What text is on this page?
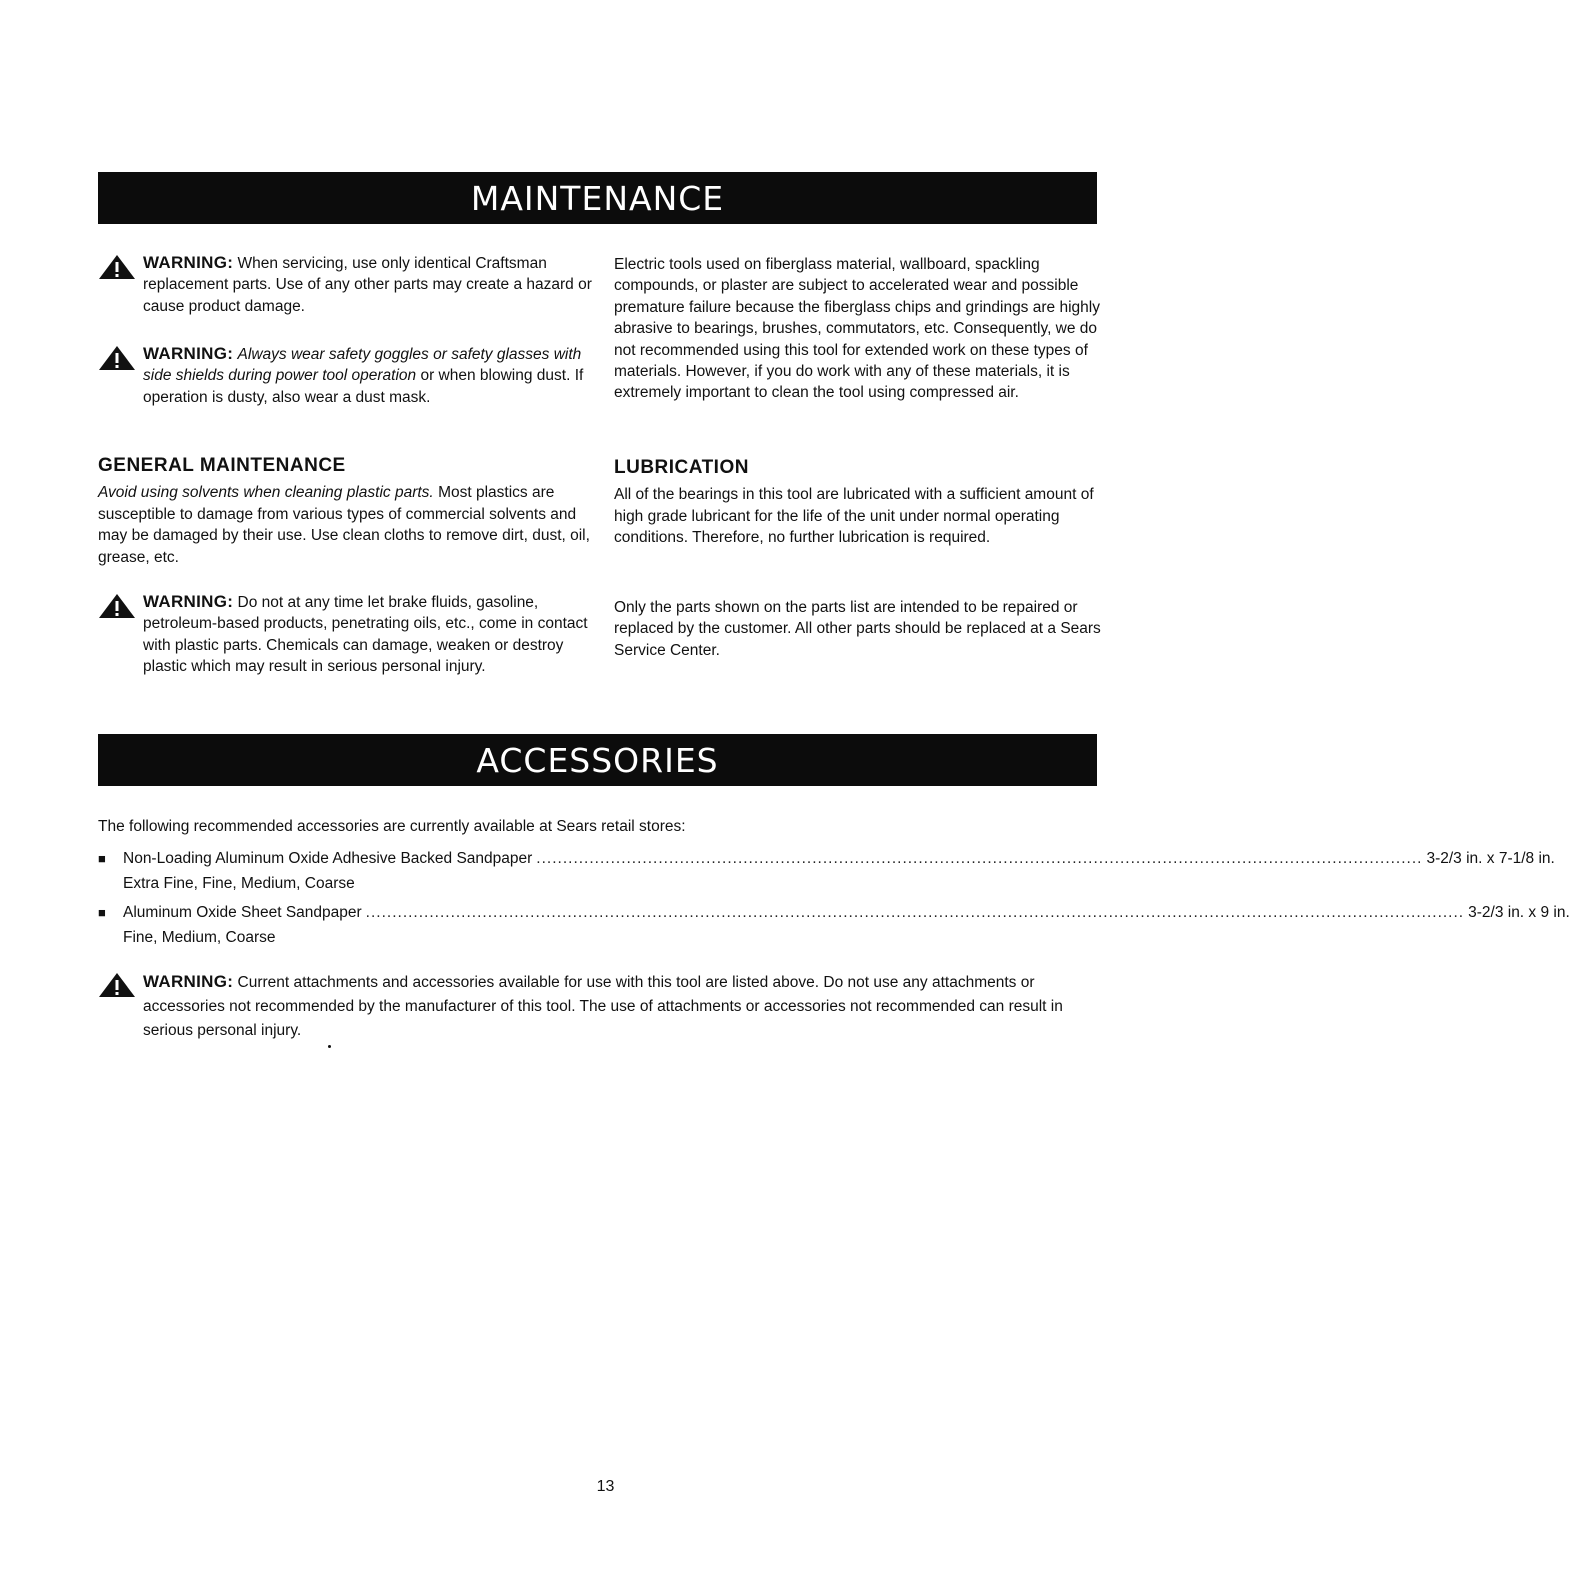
MAINTENANCE
WARNING: When servicing, use only identical Craftsman replacement parts. Use of any other parts may create a hazard or cause product damage.
WARNING: Always wear safety goggles or safety glasses with side shields during power tool operation or when blowing dust. If operation is dusty, also wear a dust mask.
GENERAL MAINTENANCE

Avoid using solvents when cleaning plastic parts. Most plastics are susceptible to damage from various types of commercial solvents and may be damaged by their use. Use clean cloths to remove dirt, dust, oil, grease, etc.

WARNING: Do not at any time let brake fluids, gasoline, petroleum-based products, penetrating oils, etc., come in contact with plastic parts. Chemicals can damage, weaken or destroy plastic which may result in serious personal injury.

Electric tools used on fiberglass material, wallboard, spackling compounds, or plaster are subject to accelerated wear and possible premature failure because the fiberglass chips and grindings are highly abrasive to bearings, brushes, commutators, etc. Consequently, we do not recommended using this tool for extended work on these types of materials. However, if you do work with any of these materials, it is extremely important to clean the tool using compressed air.

LUBRICATION

All of the bearings in this tool are lubricated with a sufficient amount of high grade lubricant for the life of the unit under normal operating conditions. Therefore, no further lubrication is required.

Only the parts shown on the parts list are intended to be repaired or replaced by the customer. All other parts should be replaced at a Sears Service Center.

ACCESSORIES
The following recommended accessories are currently available at Sears retail stores:
■	Non-Loading Aluminum Oxide Adhesive Backed Sandpaper ....................................................................................................................................................................... 3-2/3 in. x 7-1/8 in.
Extra Fine, Fine, Medium, Coarse
■	Aluminum Oxide Sheet Sandpaper ............................................................................................................................................................................................................... 3-2/3 in. x 9 in.
Fine, Medium, Coarse
WARNING: Current attachments and accessories available for use with this tool are listed above. Do not use any attachments or accessories not recommended by the manufacturer of this tool. The use of attachments or accessories not recommended can result in serious personal injury.
13
